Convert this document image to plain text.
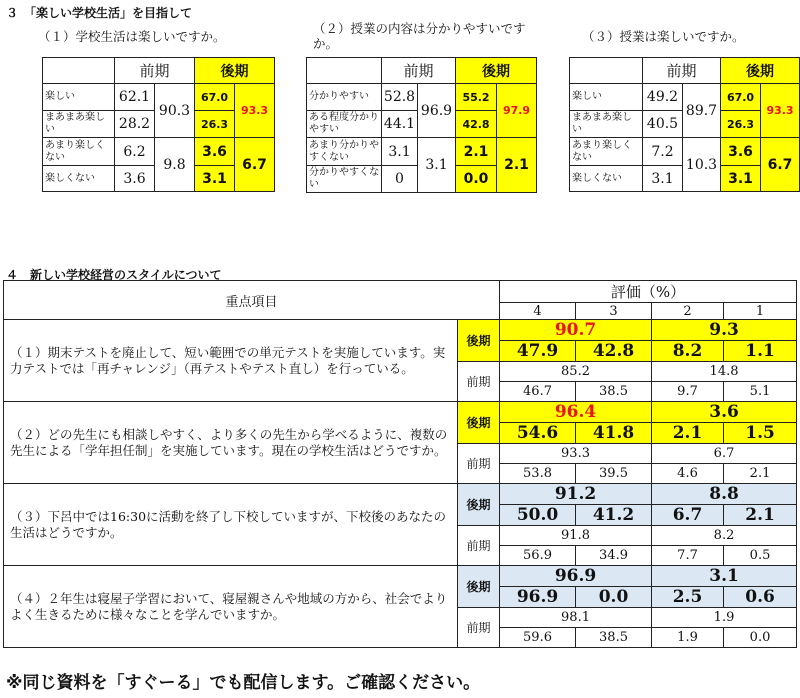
３　「楽しい学校生活」を目指して
（１）学校生活は楽しいですか。
（２）授業の内容は分かりやすいですか。	（３）授業は楽しいですか。
	前期		後期	
楽しい	62.1	90.3	67.0	93.3
まあまあ楽しい	28.2		26.3	
あまり楽しくない	6.2	9.8	3.6	6.7
楽しくない	3.6		3.1	
	前期		後期	
分かりやすい	52.8	96.9	55.2	97.9
ある程度分かりやすい	44.1		42.8	
あまり分かりやすくない	3.1	3.1	2.1	2.1
分かりやすくない	0		0.0	
	前期		後期	
楽しい	49.2	89.7	67.0	93.3
まあまあ楽しい	40.5		26.3	
あまり楽しくない	7.2	10.3	3.6	6.7
楽しくない	3.1		3.1	
４　新しい学校経営のスタイルについて
重点項目		評価（%）			
		4	3	2	1
（１）期末テストを廃止して、短い範囲での単元テストを実施しています。実力テストでは「再チャレンジ」（再テストやテスト直し）を行っている。	後期	90.7		9.3	
		47.9	42.8	8.2	1.1
	前期	85.2		14.8	
		46.7	38.5	9.7	5.1
（２）どの先生にも相談しやすく、より多くの先生から学べるように、複数の先生による「学年担任制」を実施しています。現在の学校生活はどうですか。	後期	96.4		3.6	
		54.6	41.8	2.1	1.5
	前期	93.3		6.7	
		53.8	39.5	4.6	2.1
（３）下呂中では16:30に活動を終了し下校していますが、下校後のあなたの生活はどうですか。	後期	91.2		8.8	
		50.0	41.2	6.7	2.1
	前期	91.8		8.2	
		56.9	34.9	7.7	0.5
（４）２年生は寝屋子学習において、寝屋親さんや地域の方から、社会でよりよく生きるために様々なことを学んでいますか。	後期	96.9		3.1	
		96.9	0.0	2.5	0.6
	前期	98.1		1.9	
		59.6	38.5	1.9	0.0
※同じ資料を「すぐーる」でも配信します。ご確認ください。
